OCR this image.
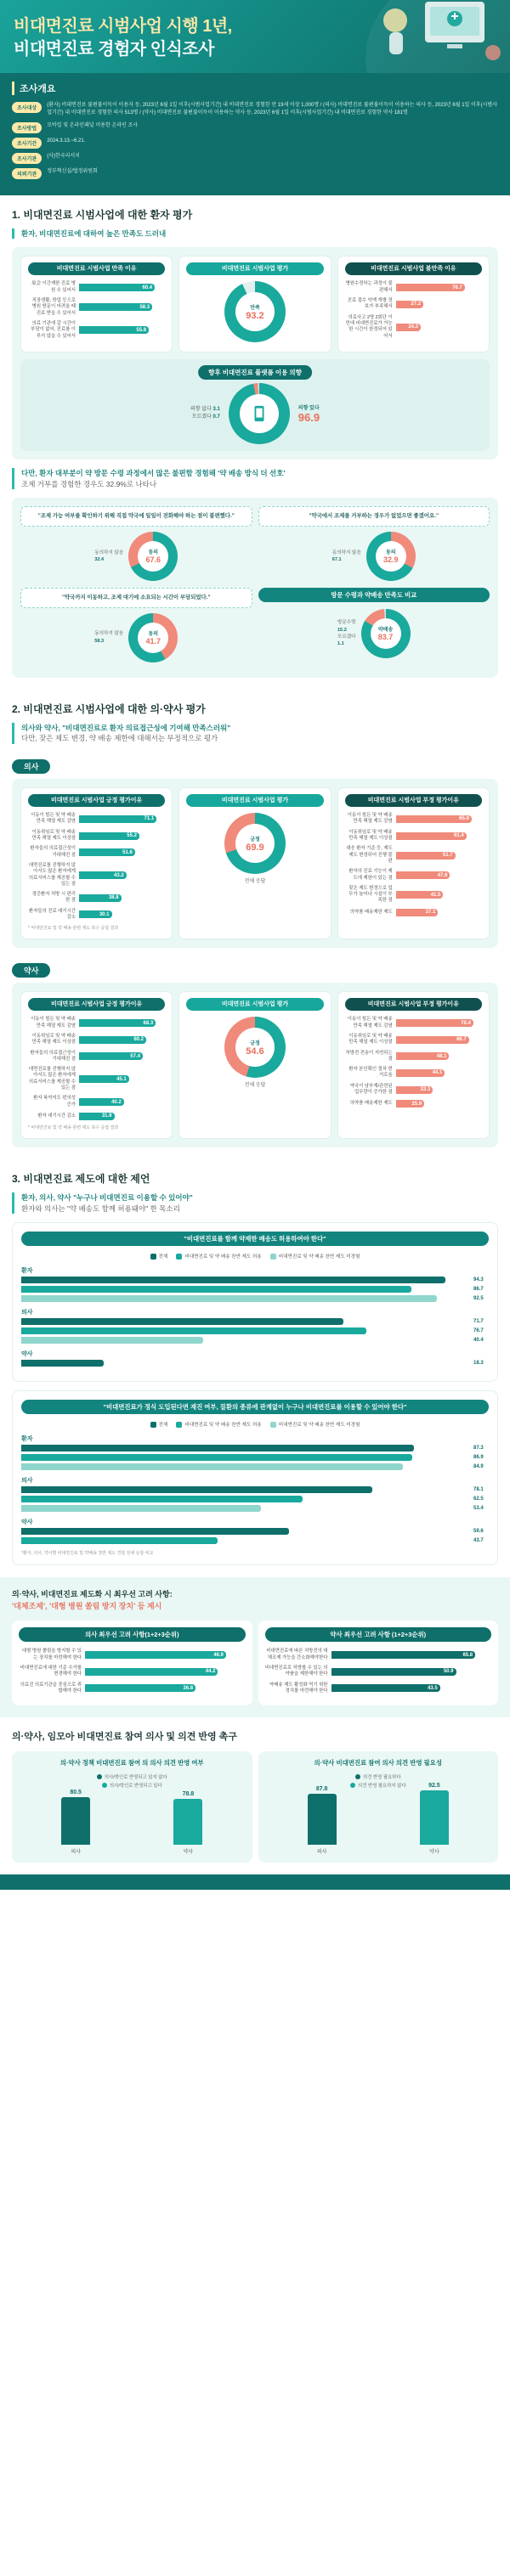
비대면진료 시범사업 시행 1년,
비대면진료 경험자 인식조사
조사개요
조사대상
(환자) 비대면진료 불편불이득이 이용자 등, 2023년 6월 1일 이후(시범사업기간) 내 비대면진료 경험한 만 19세 이상 1,000명 / (의사) 비대면진료 불편불이득이 이용하는 의사 등, 2023년 6월 1일 이후(시범사업기간) 내 비대면진료 경험한 의사 513명 / (약사) 비대면진료 불편불이득이 이용하는 약사 등, 2023년 6월 1일 이후(시범사업기간) 내 비대면진료 경험한 약사 181명
조사방법
모바일 및 온라인패널 이용한 온라인 조사
조사기간
2024.3.13.~6.21.
조사기관
(사)한국리서치
의뢰기관
정부혁신실/법정위원회
1. 비대면진료 시범사업에 대한 환자 평가
환자, 비대면진료에 대하여 높은 만족도 드러내
비대면진료 시범사업 만족 이유
原会 이간제한 진료 병원 수 있어서	60.4
직장생활, 학업 등으로 병원 방문이 어려울 때 진료 받을 수 있어서
58.3
의료 기관에 갈 시간이 부담이 없어, 진료를 이루지 않을 수 있어서
55.8
비대면진료 시범사업 평가
만족
93.2
비대면진료 시범사업 불만족 이유
병원수정하는 과정이 불편해서	76.7
진료 접수 악액 개별 정보가 부족해서	27.2
의료사고 2명 2회단 이민에 비대면진료가 가능한 시간이 한정되어 있어서
24.3
향후 비대면진료 플랫폼 이용 의향
의향 없다 3.1
모르겠다 0.7
의향 있다
96.9
다만, 환자 대부분이 약 방문 수령 과정에서 많은 불편함 경험해 '약 배송 방식 더 선호'
조제 거부를 경험한 경우도 32.9%로 나타나
"조제 가능 여부를 확인하기 위해 직접 약국에 일일이 전화해야 하는 점이 불편했다."
동의하지 않음
32.4
동의
67.6
"약국에서 조제를 거부하는 경우가 없었으면 좋겠어요."
동의하지 않음
67.1
동의
32.9
"약국까지 이동하고, 조제 대기에 소요되는 시간이 부담되었다."
동의하지 않음
58.3
동의
41.7
방문 수령과 약배송 만족도 비교
방문수령
15.2
모르겠다
1.1
약배송
83.7
2. 비대면진료 시범사업에 대한 의·약사 평가
의사와 약사, "비대면진료로 환자 의료접근성에 기여해 만족스러워"
다만, 잦은 제도 변경, 약 배송 제한에 대해서는 부정적으로 평가
의사
비대면진료 시범사업 긍정 평가이유
이동이 힘든 및 약 배송 만족 해열 제도 감염	71.1
이동취임로 및 약 배송 만족 해열 제도 이상점	55.2
환자들의 의료접근성이 기대해진 점	51.6
대면진료를 진행하지 않아서도 많은 환자에게 의료서비스를 제공할 수 있는 점
43.2
경증환자 처방 시 편리한 점	38.8
환자들의 진료 대기시간 감소	30.1
* 비대면진료 및 약 배송 관련 제도 복수 응답 결과
비대면진료 시범사업 평가
긍정
69.9
전체 응답
비대면진료 시범사업 부정 평가이유
이동이 힘든 및 약 배송 만족 해열 제도 감염	65.9
이동취임로 및 약 배송 만족 해열 제도 이상점	61.4
대응 환자 기준 등, 제도 제도 변경되어 진행 불편
51.7
환자의 진료 기능이 제도에 제한이 있는 점	47.6
잦은 제도 변경으로 업무가 늘어나 시설이 부족한 점
41.5
의약품 배송제한 제도	37.1
약사
비대면진료 시범사업 긍정 평가이유
이동이 힘든 및 약 배송 만족 해열 제도 감염	68.3
이동취임로 및 약 배송 만족 해열 제도 이상점	60.2
환자들의 의료접근성이 기대해진 점	57.4
대면진료를 진행하지 않아서도 많은 환자에게 의료서비스를 제공할 수 있는 점
45.1
환자 복약지도 편의성 증가	40.2
환자 대기시간 감소	31.9
* 비대면진료 및 약 배송 관련 제도 복수 응답 결과
비대면진료 시범사업 평가
긍정
54.6
전체 응답
비대면진료 시범사업 부정 평가이유
이동이 힘든 및 약 배송 만족 해열 제도 감염	70.4
이동취임로 및 약 배송 만족 해열 제도 이상점	66.7
처방전 전송이 지연되는 점	48.1
환자 본인확인 절차 번거로움	44.1
약국이 남부계/관련된 업무량이 증가한 점	33.3
의약품 배송제한 제도	25.9
3. 비대면진료 제도에 대한 제언
환자, 의사, 약사 "누구나 비대면진료 이용할 수 있어야"
환자와 의사는 "약 배송도 함께 허용돼야" 한 목소리
"비대면진료를 함께 약제한 배송도 허용하여야 한다"
전체	비대면진료 및 약 배송 찬반 제도 허용	비대면진료 및 약 배송 찬반 제도 미경험
환자
94.3
86.7
92.5
의사
71.7
76.7
40.4
약사
18.3
"비대면진료가 정식 도입된다면 재진 여부, 질환의 종류에 관계없이 누구나 비대면진료를 이용할 수 있어야 한다"
전체	비대면진료 및 약 배송 찬반 제도 허용	비대면진료 및 약 배송 찬반 제도 미경험
환자
87.3
86.9
84.9
의사
78.1
62.5
53.4
약사
59.6
43.7
*환자, 의사, 약사별 비대면진료 및 약배송 찬반 제도 경험 전체 응답 비교
의·약사, 비대면진료 제도화 시 최우선 고려 사항:
'대체조제', '대형 병원 쏠림 방지 장치' 등 제시
의사 최우선 고려 사항(1+2+3순위)
대형 병원 쏠림을 방지할 수 있는 장치를 마련해야 한다	46.9
비대면진료에 대한 기준 수가를 변경해야 한다	44.2
의료진 의료기관을 중심으로 취합해야 한다	36.8
약사 최우선 고려 사항 (1+2+3순위)
비대면진료에 따른 처방전의 대체조제 가능을 간소화해야한다	65.8
비대면진료로 처방할 수 있는 의약품을 제한해야 한다	50.9
약배송 제도 활성화 역기 위한 정치를 마련해야 한다	43.5
의·약사, 임모아 비대면진료 참여 의사 및 의견 반영 촉구
의·약사 정책 비대면진료 참여 의 의사 의견 반영 여부
의사/학인로 반영되고 있지 않다
의사/학인로 반영되고 있다
80.5
의사
78.8
약사
의·약사 비대면진료 참여 의사 의견 반영 필요성
의견 반영 필요하다
의견 반영 필요하지 않다
87.8
의사
92.5
약사
